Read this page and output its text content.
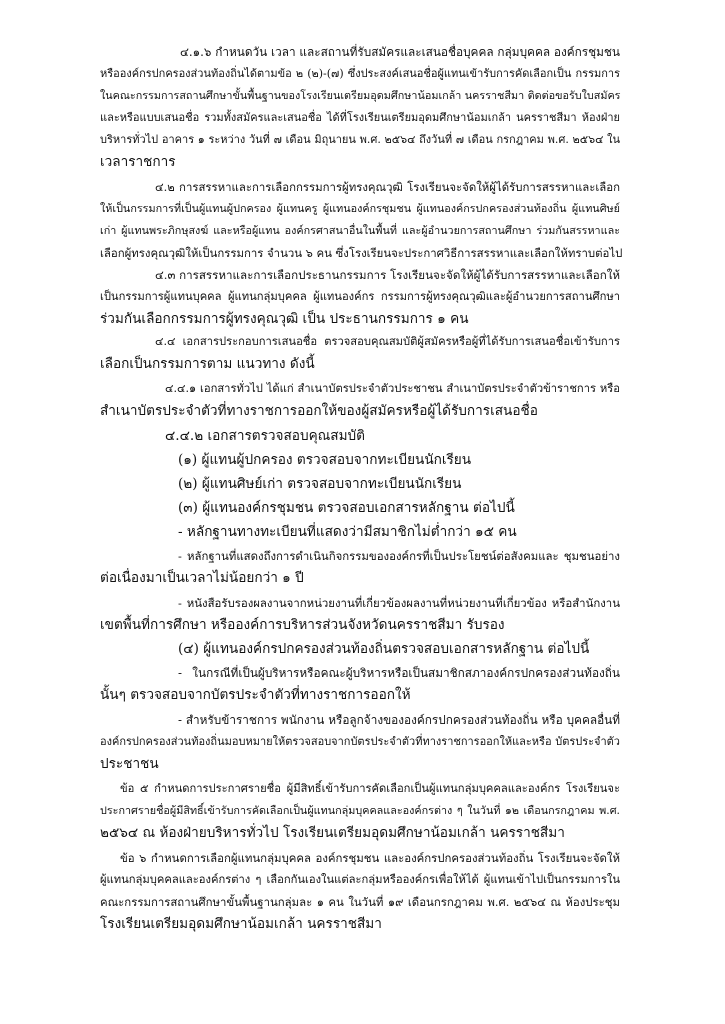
๔.๑.๖ กำหนดวัน เวลา และสถานที่รับสมัครและเสนอชื่อบุคคล กลุ่มบุคคล องค์กรชุมชน
หรือองค์กรปกครองส่วนท้องถิ่นได้ตามข้อ ๒ (๒)-(๗) ซึ่งประสงค์เสนอชื่อผู้แทนเข้ารับการคัดเลือกเป็น กรรมการ
ในคณะกรรมการสถานศึกษาขั้นพื้นฐานของโรงเรียนเตรียมอุดมศึกษาน้อมเกล้า นครราชสีมา ติดต่อขอรับใบสมัคร
และหรือแบบเสนอชื่อ รวมทั้งสมัครและเสนอชื่อ ได้ที่โรงเรียนเตรียมอุดมศึกษาน้อมเกล้า นครราชสีมา ห้องฝ่าย
บริหารทั่วไป อาคาร ๑ ระหว่าง วันที่ ๗ เดือน มิถุนายน พ.ศ. ๒๕๖๔ ถึงวันที่ ๗ เดือน กรกฎาคม พ.ศ. ๒๕๖๔ ใน
เวลาราชการ
๔.๒ การสรรหาและการเลือกกรรมการผู้ทรงคุณวุฒิ โรงเรียนจะจัดให้ผู้ได้รับการสรรหาและเลือก
ให้เป็นกรรมการที่เป็นผู้แทนผู้ปกครอง ผู้แทนครู ผู้แทนองค์กรชุมชน ผู้แทนองค์กรปกครองส่วนท้องถิ่น ผู้แทนศิษย์
เก่า ผู้แทนพระภิกษุสงฆ์ และหรือผู้แทน องค์กรศาสนาอื่นในพื้นที่ และผู้อำนวยการสถานศึกษา ร่วมกันสรรหาและ
เลือกผู้ทรงคุณวุฒิให้เป็นกรรมการ จำนวน ๖ คน ซึ่งโรงเรียนจะประกาศวิธีการสรรหาและเลือกให้ทราบต่อไป
๔.๓ การสรรหาและการเลือกประธานกรรมการ โรงเรียนจะจัดให้ผู้ได้รับการสรรหาและเลือกให้
เป็นกรรมการผู้แทนบุคคล ผู้แทนกลุ่มบุคคล ผู้แทนองค์กร กรรมการผู้ทรงคุณวุฒิและผู้อำนวยการสถานศึกษา
ร่วมกันเลือกกรรมการผู้ทรงคุณวุฒิ เป็น ประธานกรรมการ ๑ คน
๔.๔ เอกสารประกอบการเสนอชื่อ ตรวจสอบคุณสมบัติผู้สมัครหรือผู้ที่ได้รับการเสนอชื่อเข้ารับการ
เลือกเป็นกรรมการตาม แนวทาง ดังนี้
๔.๔.๑ เอกสารทั่วไป ได้แก่ สำเนาบัตรประจำตัวประชาชน สำเนาบัตรประจำตัวข้าราชการ หรือ
สำเนาบัตรประจำตัวที่ทางราชการออกให้ของผู้สมัครหรือผู้ได้รับการเสนอชื่อ
๔.๔.๒ เอกสารตรวจสอบคุณสมบัติ
(๑) ผู้แทนผู้ปกครอง ตรวจสอบจากทะเบียนนักเรียน
(๒) ผู้แทนศิษย์เก่า ตรวจสอบจากทะเบียนนักเรียน
(๓) ผู้แทนองค์กรชุมชน ตรวจสอบเอกสารหลักฐาน ต่อไปนี้
- หลักฐานทางทะเบียนที่แสดงว่ามีสมาชิกไม่ต่ำกว่า ๑๕ คน
- หลักฐานที่แสดงถึงการดำเนินกิจกรรมขององค์กรที่เป็นประโยชน์ต่อสังคมและ ชุมชนอย่าง
ต่อเนื่องมาเป็นเวลาไม่น้อยกว่า ๑ ปี
- หนังสือรับรองผลงานจากหน่วยงานที่เกี่ยวข้องผลงานที่หน่วยงานที่เกี่ยวข้อง หรือสำนักงาน
เขตพื้นที่การศึกษา หรือองค์การบริหารส่วนจังหวัดนครราชสีมา รับรอง
(๔) ผู้แทนองค์กรปกครองส่วนท้องถิ่นตรวจสอบเอกสารหลักฐาน ต่อไปนี้
- ในกรณีที่เป็นผู้บริหารหรือคณะผู้บริหารหรือเป็นสมาชิกสภาองค์กรปกครองส่วนท้องถิ่น
นั้นๆ ตรวจสอบจากบัตรประจำตัวที่ทางราชการออกให้
- สำหรับข้าราชการ พนักงาน หรือลูกจ้างขององค์กรปกครองส่วนท้องถิ่น หรือ บุคคลอื่นที่
องค์กรปกครองส่วนท้องถิ่นมอบหมายให้ตรวจสอบจากบัตรประจำตัวที่ทางราชการออกให้และหรือ บัตรประจำตัว
ประชาชน
ข้อ ๕ กำหนดการประกาศรายชื่อ ผู้มีสิทธิ์เข้ารับการคัดเลือกเป็นผู้แทนกลุ่มบุคคลและองค์กร โรงเรียนจะ
ประกาศรายชื่อผู้มีสิทธิ์เข้ารับการคัดเลือกเป็นผู้แทนกลุ่มบุคคลและองค์กรต่าง ๆ ในวันที่ ๑๒ เดือนกรกฎาคม พ.ศ.
๒๕๖๔ ณ ห้องฝ่ายบริหารทั่วไป โรงเรียนเตรียมอุดมศึกษาน้อมเกล้า นครราชสีมา
ข้อ ๖ กำหนดการเลือกผู้แทนกลุ่มบุคคล องค์กรชุมชน และองค์กรปกครองส่วนท้องถิ่น โรงเรียนจะจัดให้
ผู้แทนกลุ่มบุคคลและองค์กรต่าง ๆ เลือกกันเองในแต่ละกลุ่มหรือองค์กรเพื่อให้ได้ ผู้แทนเข้าไปเป็นกรรมการใน
คณะกรรมการสถานศึกษาขั้นพื้นฐานกลุ่มละ ๑ คน ในวันที่ ๑๙ เดือนกรกฎาคม พ.ศ. ๒๕๖๔ ณ ห้องประชุม
โรงเรียนเตรียมอุดมศึกษาน้อมเกล้า นครราชสีมา
